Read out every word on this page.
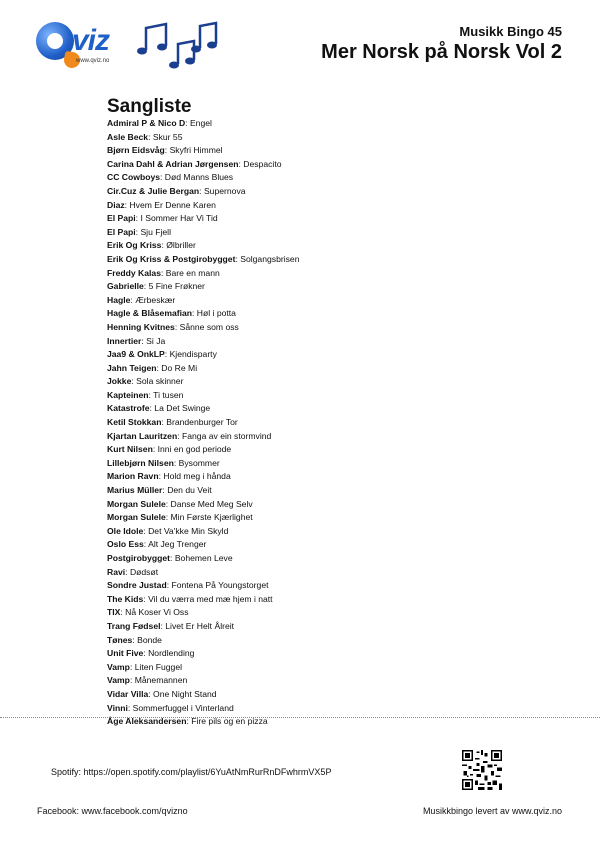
viz
www.qviz.no
Musikk Bingo 45
Mer Norsk på Norsk Vol 2
Sangliste
Admiral P & Nico D: Engel
Asle Beck: Skur 55
Bjørn Eidsvåg: Skyfri Himmel
Carina Dahl & Adrian Jørgensen: Despacito
CC Cowboys: Død Manns Blues
Cir.Cuz & Julie Bergan: Supernova
Diaz: Hvem Er Denne Karen
El Papi: I Sommer Har Vi Tid
El Papi: Sju Fjell
Erik Og Kriss: Ølbriller
Erik Og Kriss & Postgirobygget: Solgangsbrisen
Freddy Kalas: Bare en mann
Gabrielle: 5 Fine Frøkner
Hagle: Ærbeskær
Hagle & Blåsemafian: Høl i potta
Henning Kvitnes: Sånne som oss
Innertier: Si Ja
Jaa9 & OnkLP: Kjendisparty
Jahn Teigen: Do Re Mi
Jokke: Sola skinner
Kapteinen: Ti tusen
Katastrofe: La Det Swinge
Ketil Stokkan: Brandenburger Tor
Kjartan Lauritzen: Fanga av ein stormvind
Kurt Nilsen: Inni en god periode
Lillebjørn Nilsen: Bysommer
Marion Ravn: Hold meg i hånda
Marius Müller: Den du Veit
Morgan Sulele: Danse Med Meg Selv
Morgan Sulele: Min Første Kjærlighet
Ole Idole: Det Va'kke Min Skyld
Oslo Ess: Alt Jeg Trenger
Postgirobygget: Bohemen Leve
Ravi: Dødsøt
Sondre Justad: Fontena På Youngstorget
The Kids: Vil du værra med mæ hjem i natt
TIX: Nå Koser Vi Oss
Trang Fødsel: Livet Er Helt Ålreit
Tønes: Bonde
Unit Five: Nordlending
Vamp: Liten Fuggel
Vamp: Månemannen
Vidar Villa: One Night Stand
Vinni: Sommerfuggel i Vinterland
Åge Aleksandersen: Fire pils og en pizza
Spotify: https://open.spotify.com/playlist/6YuAtNmRurRnDFwhrmVX5P
Facebook: www.facebook.com/qvizno	Musikkbingo levert av www.qviz.no
